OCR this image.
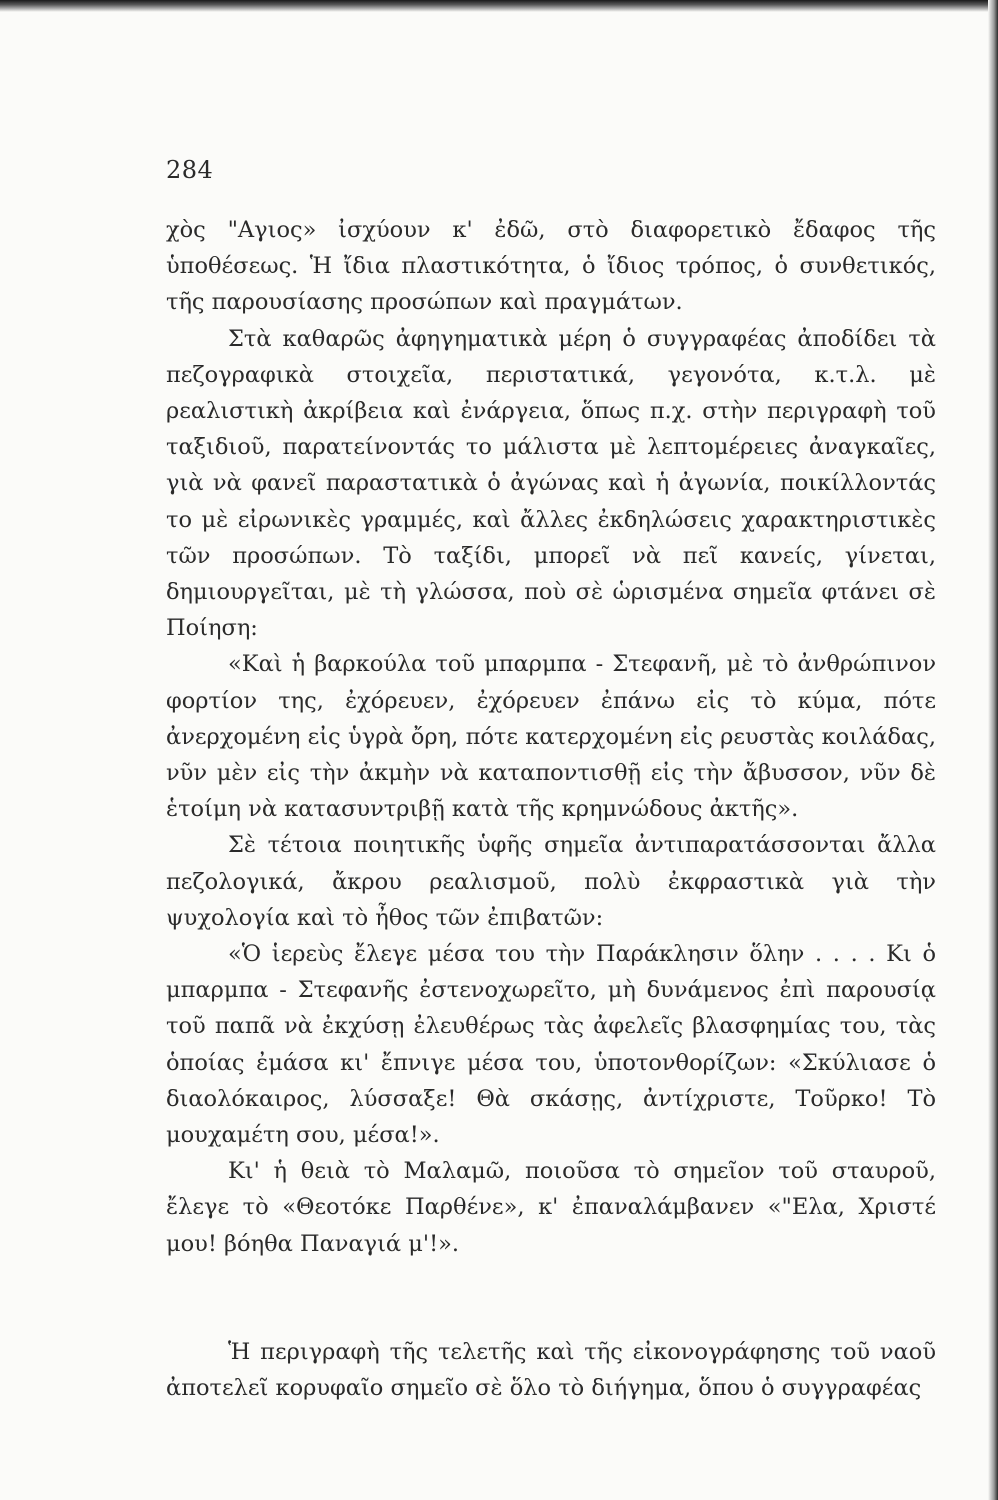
284

χὸς "Αγιος» ἰσχύουν κ' ἐδῶ, στὸ διαφορετικὸ ἔδαφος τῆς ὑποθέσεως. Ἡ ἴδια πλαστικότητα, ὁ ἴδιος τρόπος, ὁ συνθετικός, τῆς παρουσίασης προσώπων καὶ πραγμάτων.

Στὰ καθαρῶς ἀφηγηματικὰ μέρη ὁ συγγραφέας ἀποδίδει τὰ πεζογραφικὰ στοιχεῖα, περιστατικά, γεγονότα, κ.τ.λ. μὲ ρεαλιστικὴ ἀκρίβεια καὶ ἐνάργεια, ὅπως π.χ. στὴν περιγραφὴ τοῦ ταξιδιοῦ, παρατείνοντάς το μάλιστα μὲ λεπτομέρειες ἀναγκαῖες, γιὰ νὰ φανεῖ παραστατικὰ ὁ ἀγώνας καὶ ἡ ἀγωνία, ποικίλλοντάς το μὲ εἰρωνικὲς γραμμές, καὶ ἄλλες ἐκδηλώσεις χαρακτηριστικὲς τῶν προσώπων. Τὸ ταξίδι, μπορεῖ νὰ πεῖ κανείς, γίνεται, δημιουργεῖται, μὲ τὴ γλώσσα, ποὺ σὲ ὡρισμένα σημεῖα φτάνει σὲ Ποίηση:

«Καὶ ἡ βαρκούλα τοῦ μπαρμπα - Στεφανῆ, μὲ τὸ ἀνθρώπινον φορτίον της, ἐχόρευεν, ἐχόρευεν ἐπάνω εἰς τὸ κύμα, πότε ἀνερχομένη εἰς ὑγρὰ ὄρη, πότε κατερχομένη εἰς ρευστὰς κοιλάδας, νῦν μὲν εἰς τὴν ἀκμὴν νὰ καταποντισθῇ εἰς τὴν ἄβυσσον, νῦν δὲ ἑτοίμη νὰ κατασυντριβῇ κατὰ τῆς κρημνώδους ἀκτῆς».

Σὲ τέτοια ποιητικῆς ὑφῆς σημεῖα ἀντιπαρατάσσονται ἄλλα πεζολογικά, ἄκρου ρεαλισμοῦ, πολὺ ἐκφραστικὰ γιὰ τὴν ψυχολογία καὶ τὸ ἦθος τῶν ἐπιβατῶν:

«Ὁ ἱερεὺς ἔλεγε μέσα του τὴν Παράκλησιν ὅλην . . . . Κι ὁ μπαρμπα - Στεφανῆς ἐστενοχωρεῖτο, μὴ δυνάμενος ἐπὶ παρουσίᾳ τοῦ παπᾶ νὰ ἐκχύσῃ ἐλευθέρως τὰς ἀφελεῖς βλασφημίας του, τὰς ὁποίας ἐμάσα κι' ἔπνιγε μέσα του, ὑποτονθορίζων: «Σκύλιασε ὁ διαολόκαιρος, λύσσαξε! Θὰ σκάσῃς, ἀντίχριστε, Τοῦρκο! Τὸ μουχαμέτη σου, μέσα!».

Κι' ἡ θειὰ τὸ Μαλαμῶ, ποιοῦσα τὸ σημεῖον τοῦ σταυροῦ, ἔλεγε τὸ «Θεοτόκε Παρθένε», κ' ἐπαναλάμβανεν «"Ελα, Χριστέ μου! βόηθα Παναγιά μ'!».

Ἡ περιγραφὴ τῆς τελετῆς καὶ τῆς εἰκονογράφησης τοῦ ναοῦ ἀποτελεῖ κορυφαῖο σημεῖο σὲ ὅλο τὸ διήγημα, ὅπου ὁ συγγραφέας
